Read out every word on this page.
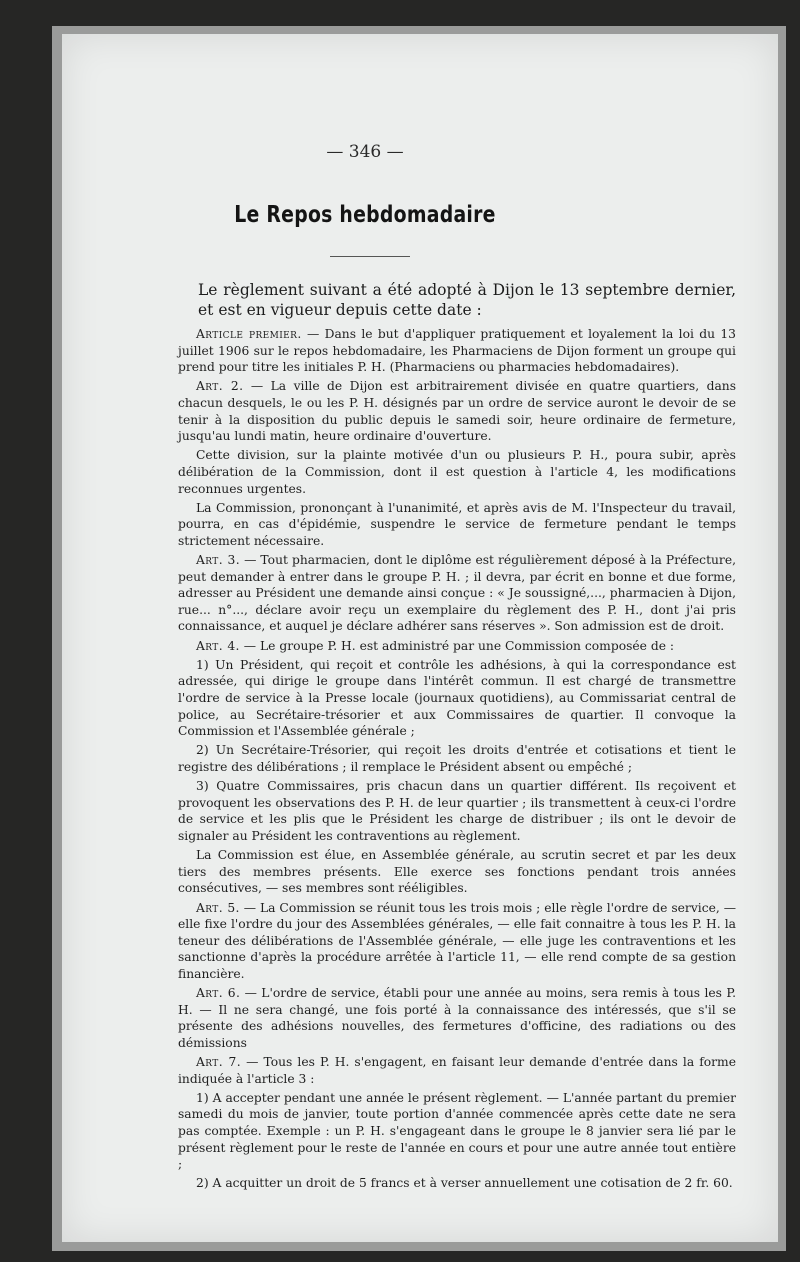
— 346 —
Le Repos hebdomadaire

Le règlement suivant a été adopté à Dijon le 13 septembre dernier, et est en vigueur depuis cette date :

Article premier. — Dans le but d'appliquer pratiquement et loyalement la loi du 13 juillet 1906 sur le repos hebdomadaire, les Pharmaciens de Dijon forment un groupe qui prend pour titre les initiales P. H. (Pharmaciens ou pharmacies hebdomadaires).

Art. 2. — La ville de Dijon est arbitrairement divisée en quatre quartiers, dans chacun desquels, le ou les P. H. désignés par un ordre de service auront le devoir de se tenir à la disposition du public depuis le samedi soir, heure ordinaire de fermeture, jusqu'au lundi matin, heure ordinaire d'ouverture.

Cette division, sur la plainte motivée d'un ou plusieurs P. H., poura subir, après délibération de la Commission, dont il est question à l'article 4, les modifications reconnues urgentes.

La Commission, prononçant à l'unanimité, et après avis de M. l'Inspecteur du travail, pourra, en cas d'épidémie, suspendre le service de fermeture pendant le temps strictement nécessaire.

Art. 3. — Tout pharmacien, dont le diplôme est régulièrement déposé à la Préfecture, peut demander à entrer dans le groupe P. H. ; il devra, par écrit en bonne et due forme, adresser au Président une demande ainsi conçue : « Je soussigné,..., pharmacien à Dijon, rue... n°..., déclare avoir reçu un exemplaire du règlement des P. H., dont j'ai pris connaissance, et auquel je déclare adhérer sans réserves ». Son admission est de droit.

Art. 4. — Le groupe P. H. est administré par une Commission composée de :

1) Un Président, qui reçoit et contrôle les adhésions, à qui la correspondance est adressée, qui dirige le groupe dans l'intérêt commun. Il est chargé de transmettre l'ordre de service à la Presse locale (journaux quotidiens), au Commissariat central de police, au Secrétaire-trésorier et aux Commissaires de quartier. Il convoque la Commission et l'Assemblée générale ;

2) Un Secrétaire-Trésorier, qui reçoit les droits d'entrée et cotisations et tient le registre des délibérations ; il remplace le Président absent ou empêché ;

3) Quatre Commissaires, pris chacun dans un quartier différent. Ils reçoivent et provoquent les observations des P. H. de leur quartier ; ils transmettent à ceux-ci l'ordre de service et les plis que le Président les charge de distribuer ; ils ont le devoir de signaler au Président les contraventions au règlement.

La Commission est élue, en Assemblée générale, au scrutin secret et par les deux tiers des membres présents. Elle exerce ses fonctions pendant trois années consécutives, — ses membres sont rééligibles.

Art. 5. — La Commission se réunit tous les trois mois ; elle règle l'ordre de service, — elle fixe l'ordre du jour des Assemblées générales, — elle fait connaitre à tous les P. H. la teneur des délibérations de l'Assemblée générale, — elle juge les contraventions et les sanctionne d'après la procédure arrêtée à l'article 11, — elle rend compte de sa gestion financière.

Art. 6. — L'ordre de service, établi pour une année au moins, sera remis à tous les P. H. — Il ne sera changé, une fois porté à la connaissance des intéressés, que s'il se présente des adhésions nouvelles, des fermetures d'officine, des radiations ou des démissions

Art. 7. — Tous les P. H. s'engagent, en faisant leur demande d'entrée dans la forme indiquée à l'article 3 :

1) A accepter pendant une année le présent règlement. — L'année partant du premier samedi du mois de janvier, toute portion d'année commencée après cette date ne sera pas comptée. Exemple : un P. H. s'engageant dans le groupe le 8 janvier sera lié par le présent règlement pour le reste de l'année en cours et pour une autre année tout entière ;

2) A acquitter un droit de 5 francs et à verser annuellement une cotisation de 2 fr. 60.
